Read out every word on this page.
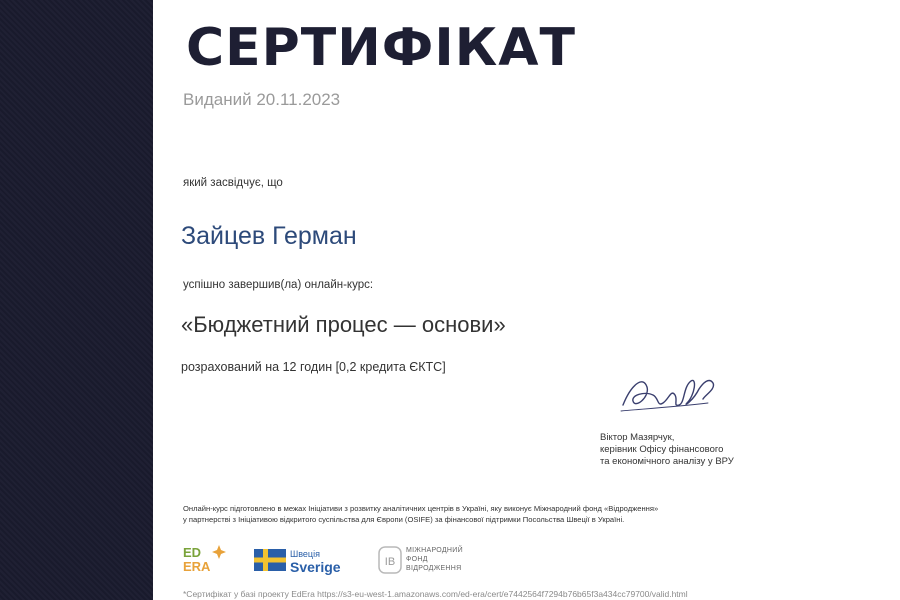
СЕРТИФІКАТ
Виданий 20.11.2023
який засвідчує, що
Зайцев Герман
успішно завершив(ла) онлайн-курс:
«Бюджетний процес — основи»
розрахований на 12 годин [0,2 кредита ЄКТС]
Віктор Мазярчук,
керівник Офісу фінансового
та економічного аналізу у ВРУ
Онлайн-курс підготовлено в межах Ініціативи з розвитку аналітичних центрів в Україні, яку виконує Міжнародний фонд «Відродження»
у партнерстві з Ініціативою відкритого суспільства для Європи (OSIFE) за фінансової підтримки Посольства Швеції в Україні.
ED
ERA
Швеція
Sverige	ІВ
МІЖНАРОДНИЙ
ФОНД
ВІДРОДЖЕННЯ
*Сертифікат у базі проекту EdEra https://s3-eu-west-1.amazonaws.com/ed-era/cert/e7442564f7294b76b65f3a434cc79700/valid.html
